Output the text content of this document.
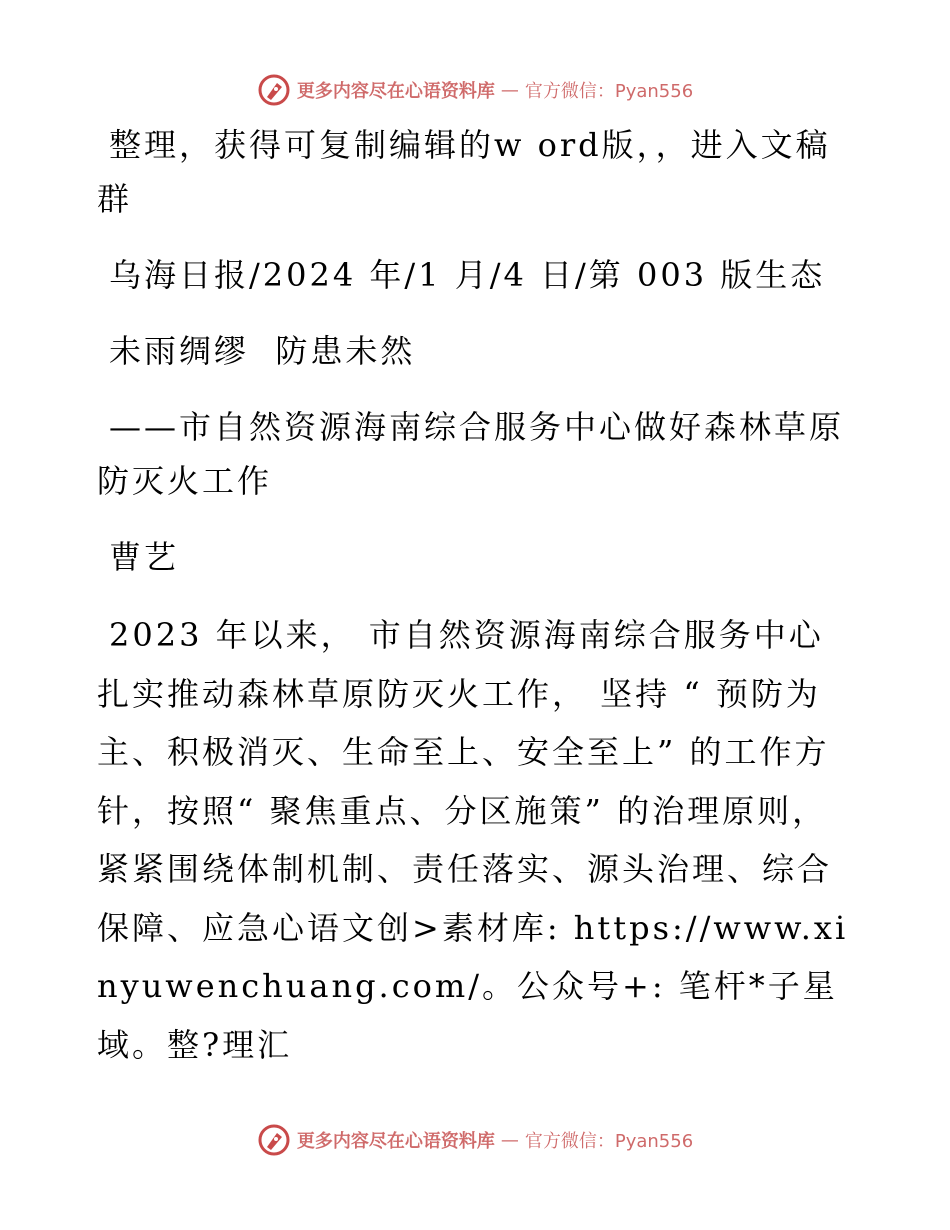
更多内容尽在心语资料库 — 官方微信：Pyan556

整理，获得可复制编辑的w ord版，，进入文稿群

乌海日报/2024 年/1 月/4 日/第 003 版生态

未雨绸缪  防患未然

——市自然资源海南综合服务中心做好森林草原防灭火工作

曹艺

2023 年以来， 市自然资源海南综合服务中心扎实推动森林草原防灭火工作， 坚持 “ 预防为主、积极消灭、生命至上、安全至上” 的工作方针，按照“ 聚焦重点、分区施策” 的治理原则，紧紧围绕体制机制、责任落实、源头治理、综合保障、应急心语文创>素材库: https://www.xinyuwenchuang.com/。公众号+: 笔杆*子星域。整?理汇

更多内容尽在心语资料库 — 官方微信：Pyan556
